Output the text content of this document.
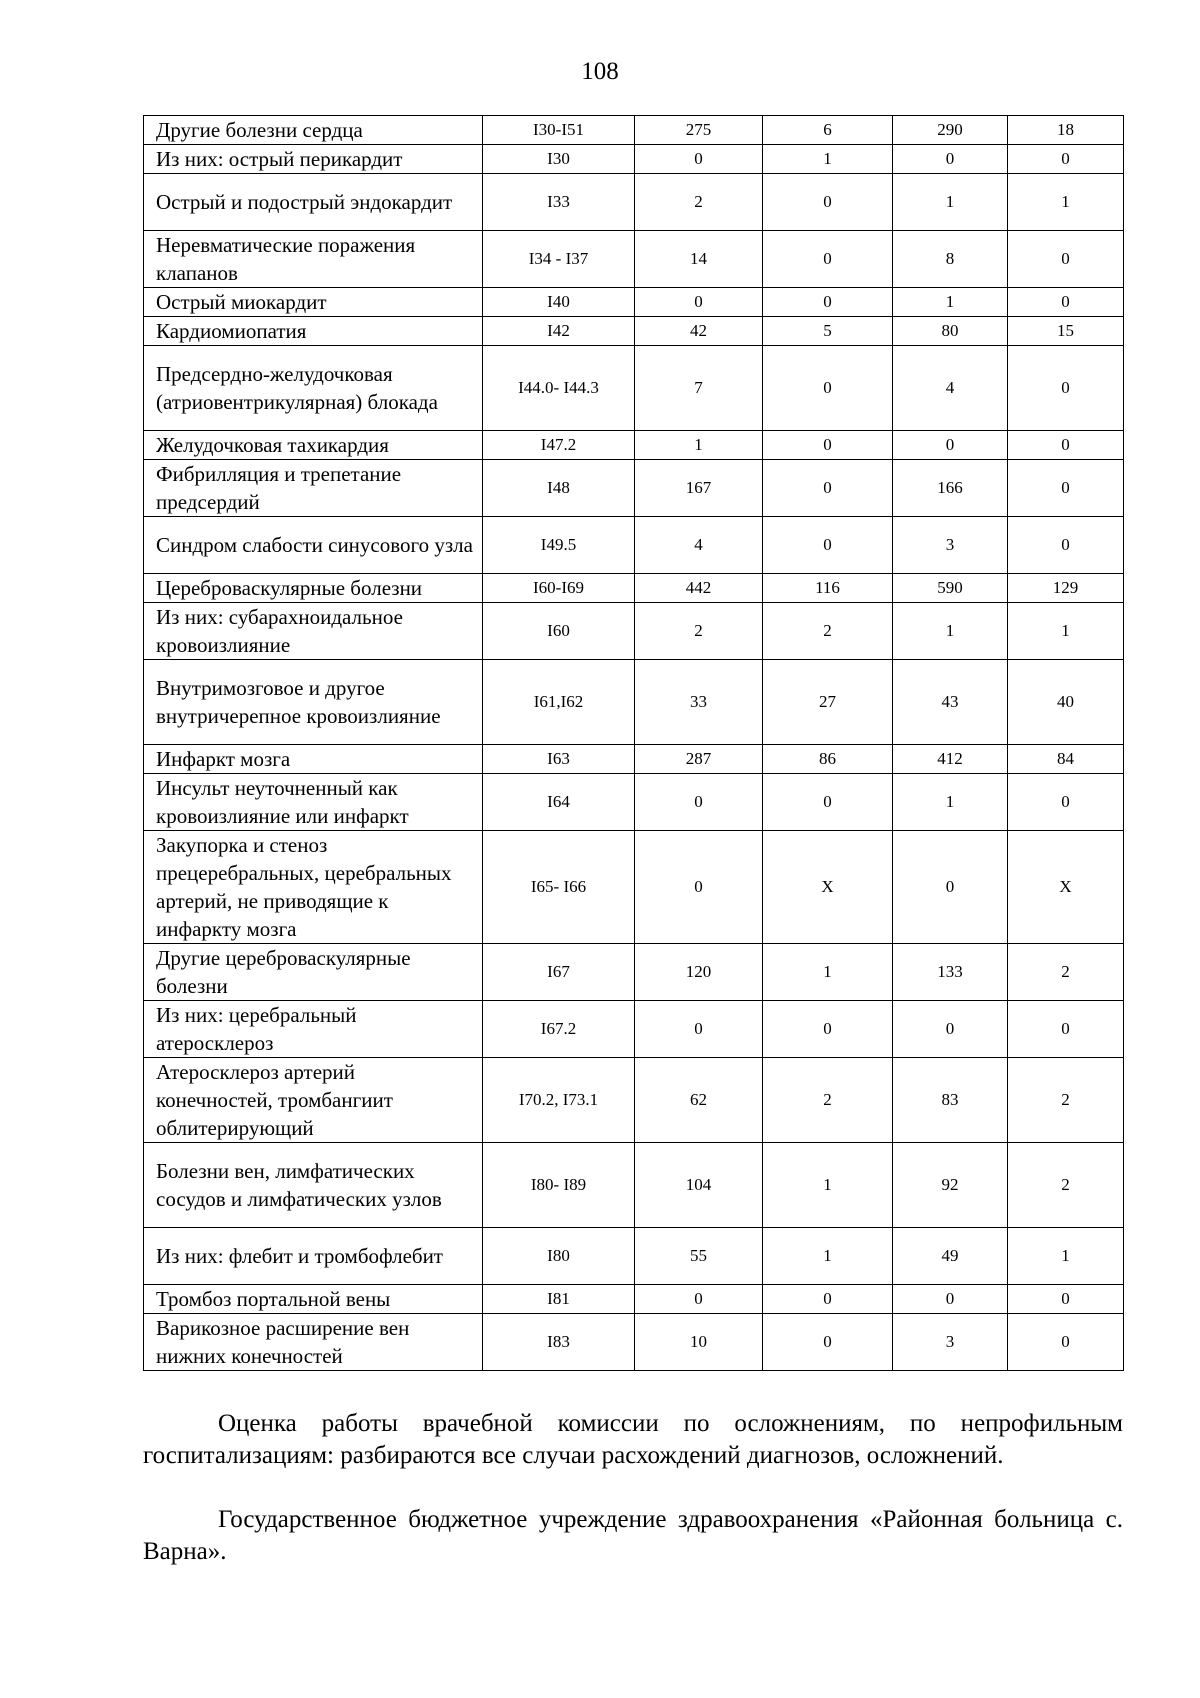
108
Другие болезни сердца	I30-I51	275	6	290	18
Из них: острый перикардит	I30	0	1	0	0
Острый и подострый эндокардит	I33	2	0	1	1
Неревматические поражения клапанов	I34 - I37	14	0	8	0
Острый миокардит	I40	0	0	1	0
Кардиомиопатия	I42	42	5	80	15
Предсердно-желудочковая (атриовентрикулярная) блокада	I44.0- I44.3	7	0	4	0
Желудочковая тахикардия	I47.2	1	0	0	0
Фибрилляция и трепетание предсердий	I48	167	0	166	0
Синдром слабости синусового узла	I49.5	4	0	3	0
Цереброваскулярные болезни	I60-I69	442	116	590	129
Из них: субарахноидальное кровоизлияние	I60	2	2	1	1
Внутримозговое и другое внутричерепное кровоизлияние	I61,I62	33	27	43	40
Инфаркт мозга	I63	287	86	412	84
Инсульт неуточненный как кровоизлияние или инфаркт	I64	0	0	1	0
Закупорка и стеноз прецеребральных, церебральных артерий, не приводящие к инфаркту мозга	I65- I66	0	X	0	X
Другие цереброваскулярные болезни	I67	120	1	133	2
Из них: церебральный атеросклероз	I67.2	0	0	0	0
Атеросклероз артерий конечностей, тромбангиит облитерирующий	I70.2, I73.1	62	2	83	2
Болезни вен, лимфатических сосудов и лимфатических узлов	I80- I89	104	1	92	2
Из них: флебит и тромбофлебит	I80	55	1	49	1
Тромбоз портальной вены	I81	0	0	0	0
Варикозное расширение вен нижних конечностей	I83	10	0	3	0
Оценка работы врачебной комиссии по осложнениям, по непрофильным госпитализациям: разбираются все случаи расхождений диагнозов, осложнений.
Государственное бюджетное учреждение здравоохранения «Районная больница с. Варна».
